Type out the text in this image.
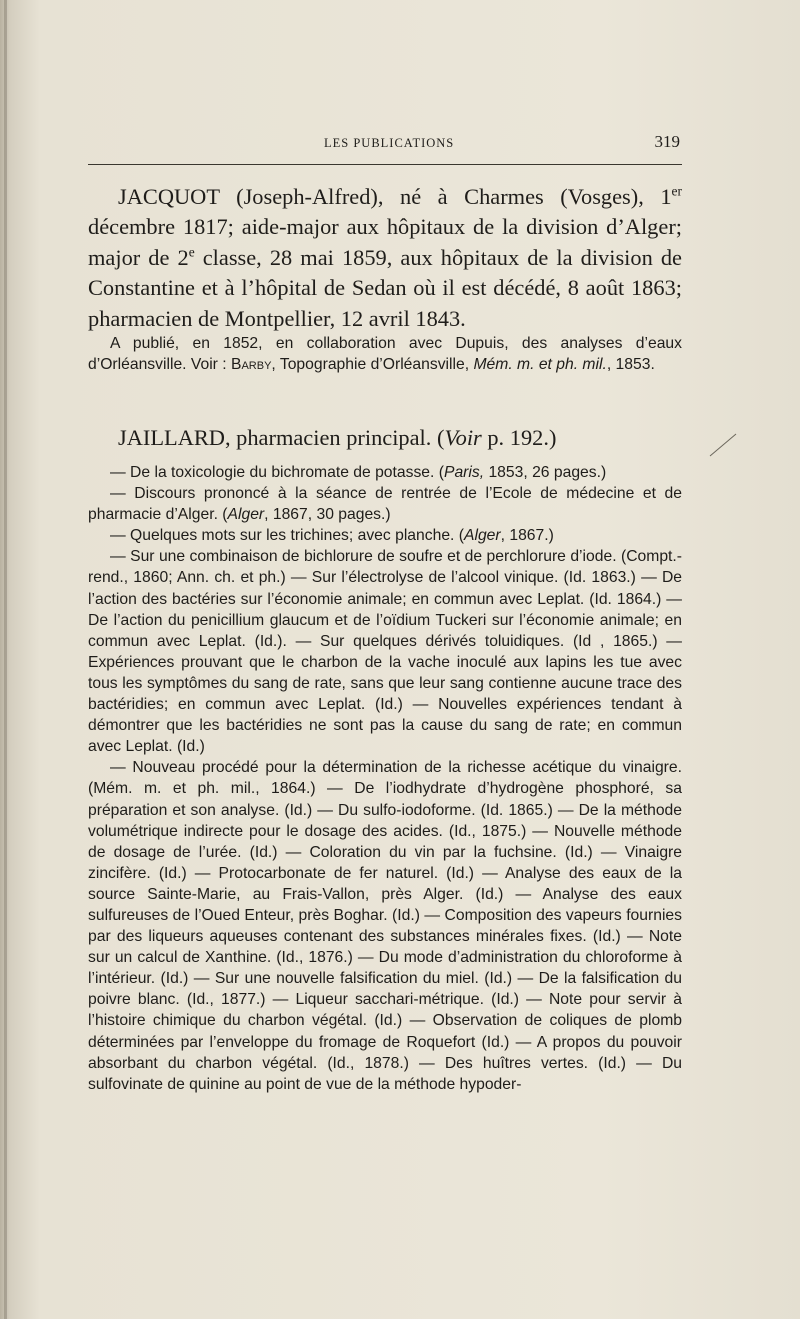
LES PUBLICATIONS	319

JACQUOT (Joseph-Alfred), né à Charmes (Vosges), 1er décembre 1817; aide-major aux hôpitaux de la division d’Alger; major de 2e classe, 28 mai 1859, aux hôpitaux de la division de Constantine et à l’hôpital de Sedan où il est décédé, 8 août 1863; pharmacien de Montpellier, 12 avril 1843.

A publié, en 1852, en collaboration avec Dupuis, des analyses d’eaux d’Orléansville. Voir : Barby, Topographie d’Orléansville, Mém. m. et ph. mil., 1853.

JAILLARD, pharmacien principal. (Voir p. 192.)

— De la toxicologie du bichromate de potasse. (Paris, 1853, 26 pages.)

— Discours prononcé à la séance de rentrée de l’Ecole de médecine et de pharmacie d’Alger. (Alger, 1867, 30 pages.)

— Quelques mots sur les trichines; avec planche. (Alger, 1867.)

— Sur une combinaison de bichlorure de soufre et de perchlorure d’iode. (Compt.-rend., 1860; Ann. ch. et ph.) — Sur l’électrolyse de l’alcool vinique. (Id. 1863.) — De l’action des bactéries sur l’économie animale; en commun avec Leplat. (Id. 1864.) — De l’action du penicillium glaucum et de l’oïdium Tuckeri sur l’économie animale; en commun avec Leplat. (Id.). — Sur quelques dérivés toluidiques. (Id , 1865.) — Expériences prouvant que le charbon de la vache inoculé aux lapins les tue avec tous les symptômes du sang de rate, sans que leur sang contienne aucune trace des bactéridies; en commun avec Leplat. (Id.) — Nouvelles expériences tendant à démontrer que les bactéridies ne sont pas la cause du sang de rate; en commun avec Leplat. (Id.)

— Nouveau procédé pour la détermination de la richesse acétique du vinaigre. (Mém. m. et ph. mil., 1864.) — De l’iodhydrate d’hydrogène phosphoré, sa préparation et son analyse. (Id.) — Du sulfo-iodoforme. (Id. 1865.) — De la méthode volumétrique indirecte pour le dosage des acides. (Id., 1875.) — Nouvelle méthode de dosage de l’urée. (Id.) — Coloration du vin par la fuchsine. (Id.) — Vinaigre zincifère. (Id.) — Protocarbonate de fer naturel. (Id.) — Analyse des eaux de la source Sainte-Marie, au Frais-Vallon, près Alger. (Id.) — Analyse des eaux sulfureuses de l’Oued Enteur, près Boghar. (Id.) — Composition des vapeurs fournies par des liqueurs aqueuses contenant des substances minérales fixes. (Id.) — Note sur un calcul de Xanthine. (Id., 1876.) — Du mode d’administration du chloroforme à l’intérieur. (Id.) — Sur une nouvelle falsification du miel. (Id.) — De la falsification du poivre blanc. (Id., 1877.) — Liqueur sacchari-métrique. (Id.) — Note pour servir à l’histoire chimique du charbon végétal. (Id.) — Observation de coliques de plomb déterminées par l’enveloppe du fromage de Roquefort (Id.) — A propos du pouvoir absorbant du charbon végétal. (Id., 1878.) — Des huîtres vertes. (Id.) — Du sulfovinate de quinine au point de vue de la méthode hypoder-
